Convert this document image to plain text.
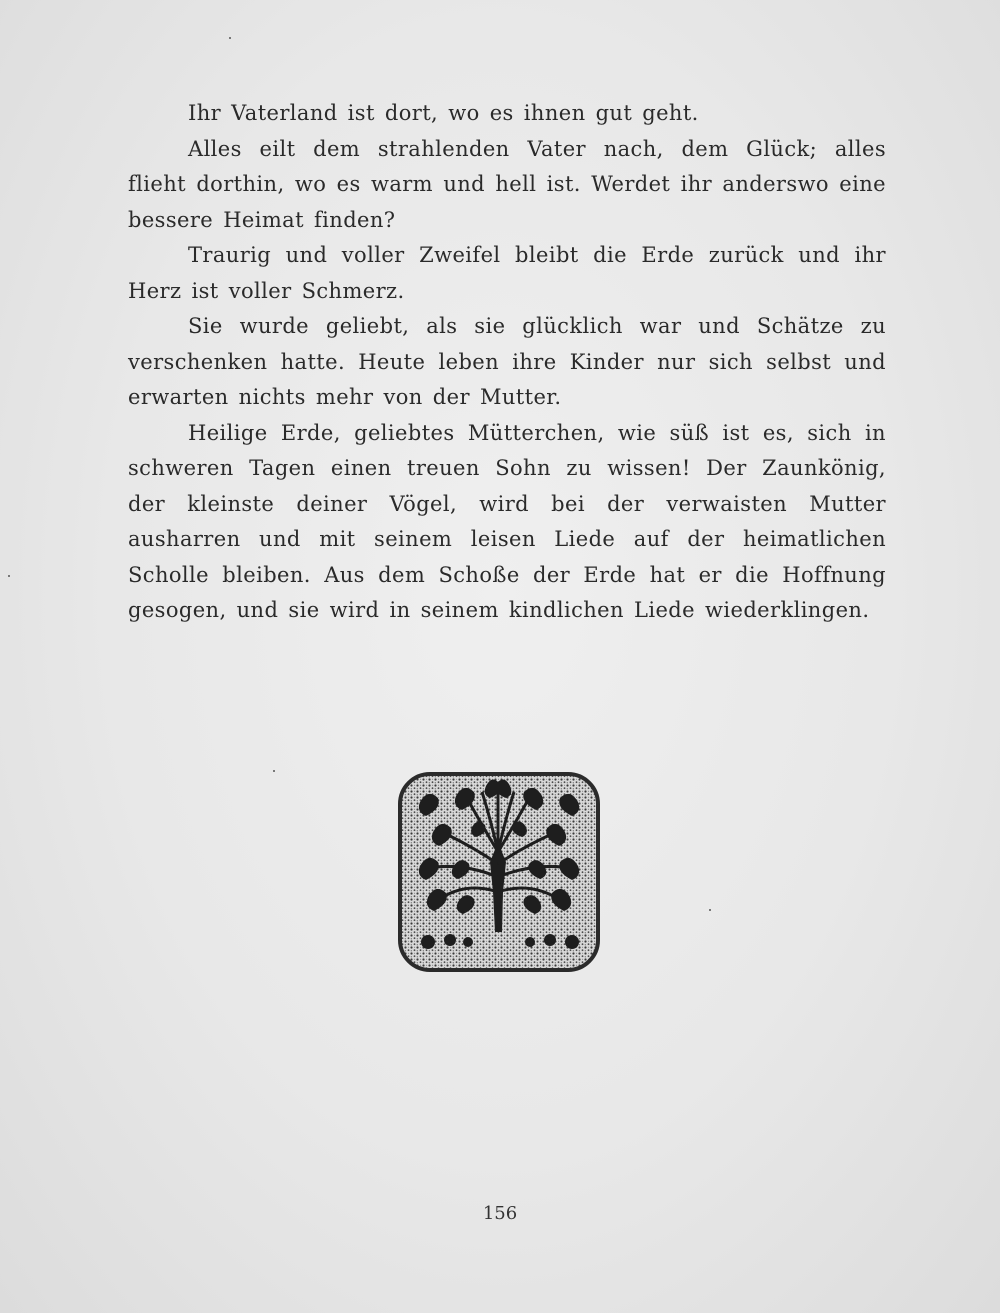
Ihr Vaterland ist dort, wo es ihnen gut geht.

Alles eilt dem strahlenden Vater nach, dem Glück; alles flieht dorthin, wo es warm und hell ist. Werdet ihr anderswo eine bessere Heimat finden?

Traurig und voller Zweifel bleibt die Erde zurück und ihr Herz ist voller Schmerz.

Sie wurde geliebt, als sie glücklich war und Schätze zu verschenken hatte. Heute leben ihre Kinder nur sich selbst und erwarten nichts mehr von der Mutter.

Heilige Erde, geliebtes Mütterchen, wie süß ist es, sich in schweren Tagen einen treuen Sohn zu wissen! Der Zaunkönig, der kleinste deiner Vögel, wird bei der verwaisten Mutter ausharren und mit seinem leisen Liede auf der heimatlichen Scholle bleiben. Aus dem Schoße der Erde hat er die Hoffnung gesogen, und sie wird in seinem kindlichen Liede wiederklingen.

156
